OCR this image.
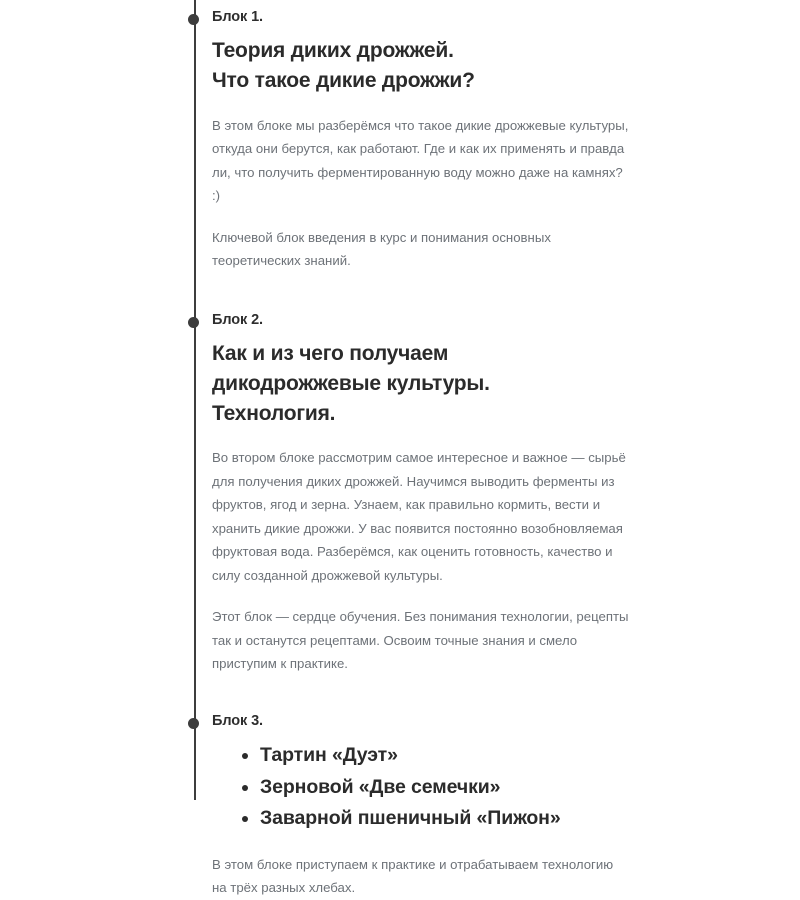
Блок 1.
Теория диких дрожжей.
Что такое дикие дрожжи?

В этом блоке мы разберёмся что такое дикие дрожжевые культуры, откуда они берутся, как работают. Где и как их применять и правда ли, что получить ферментированную воду можно даже на камнях? :)

Ключевой блок введения в курс и понимания основных теоретических знаний.

Блок 2.
Как и из чего получаем
дикодрожжевые культуры.
Технология.

Во втором блоке рассмотрим самое интересное и важное — сырьё для получения диких дрожжей. Научимся выводить ферменты из фруктов, ягод и зерна. Узнаем, как правильно кормить, вести и хранить дикие дрожжи. У вас появится постоянно возобновляемая фруктовая вода. Разберёмся, как оценить готовность, качество и силу созданной дрожжевой культуры.

Этот блок — сердце обучения. Без понимания технологии, рецепты так и останутся рецептами. Освоим точные знания и смело приступим к практике.

Блок 3.
• Тартин «Дуэт»
• Зерновой «Две семечки»
• Заварной пшеничный «Пижон»

В этом блоке приступаем к практике и отрабатываем технологию на трёх разных хлебах.
